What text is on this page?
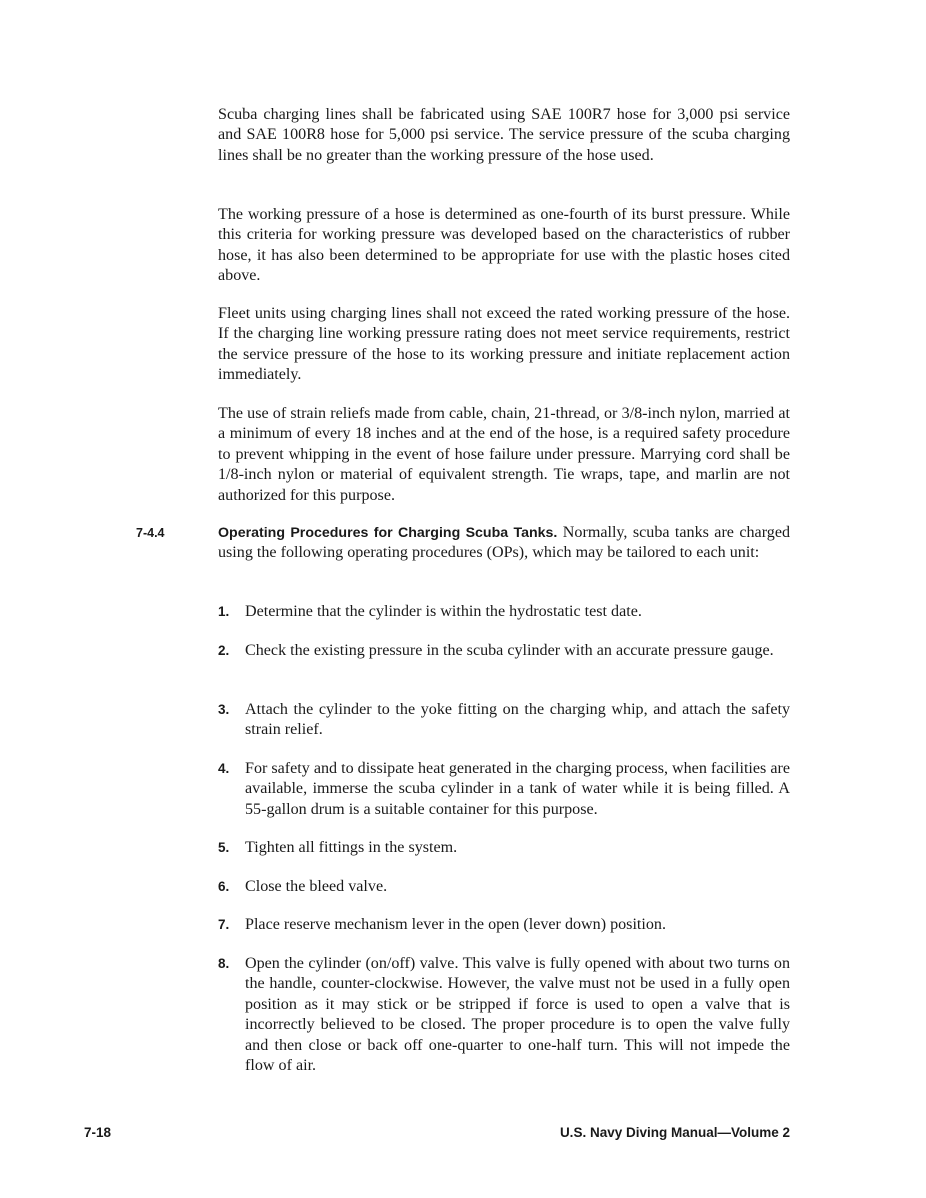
Scuba charging lines shall be fabricated using SAE 100R7 hose for 3,000 psi service and SAE 100R8 hose for 5,000 psi service. The service pressure of the scuba charging lines shall be no greater than the working pressure of the hose used.

The working pressure of a hose is determined as one-fourth of its burst pressure. While this criteria for working pressure was developed based on the characteristics of rubber hose, it has also been determined to be appropriate for use with the plastic hoses cited above.

Fleet units using charging lines shall not exceed the rated working pressure of the hose. If the charging line working pressure rating does not meet service requirements, restrict the service pressure of the hose to its working pressure and initiate replacement action immediately.

The use of strain reliefs made from cable, chain, 21-thread, or 3/8-inch nylon, married at a minimum of every 18 inches and at the end of the hose, is a required safety procedure to prevent whipping in the event of hose failure under pressure. Marrying cord shall be 1/8-inch nylon or material of equivalent strength. Tie wraps, tape, and marlin are not authorized for this purpose.

7-4.4	Operating Procedures for Charging Scuba Tanks. Normally, scuba tanks are charged using the following operating procedures (OPs), which may be tailored to each unit:

1. Determine that the cylinder is within the hydrostatic test date.

2. Check the existing pressure in the scuba cylinder with an accurate pressure gauge.

3. Attach the cylinder to the yoke fitting on the charging whip, and attach the safety strain relief.

4. For safety and to dissipate heat generated in the charging process, when facilities are available, immerse the scuba cylinder in a tank of water while it is being filled. A 55-gallon drum is a suitable container for this purpose.

5. Tighten all fittings in the system.

6. Close the bleed valve.

7. Place reserve mechanism lever in the open (lever down) position.

8. Open the cylinder (on/off) valve. This valve is fully opened with about two turns on the handle, counter-clockwise. However, the valve must not be used in a fully open position as it may stick or be stripped if force is used to open a valve that is incorrectly believed to be closed. The proper procedure is to open the valve fully and then close or back off one-quarter to one-half turn. This will not impede the flow of air.

7-18	U.S. Navy Diving Manual—Volume 2
